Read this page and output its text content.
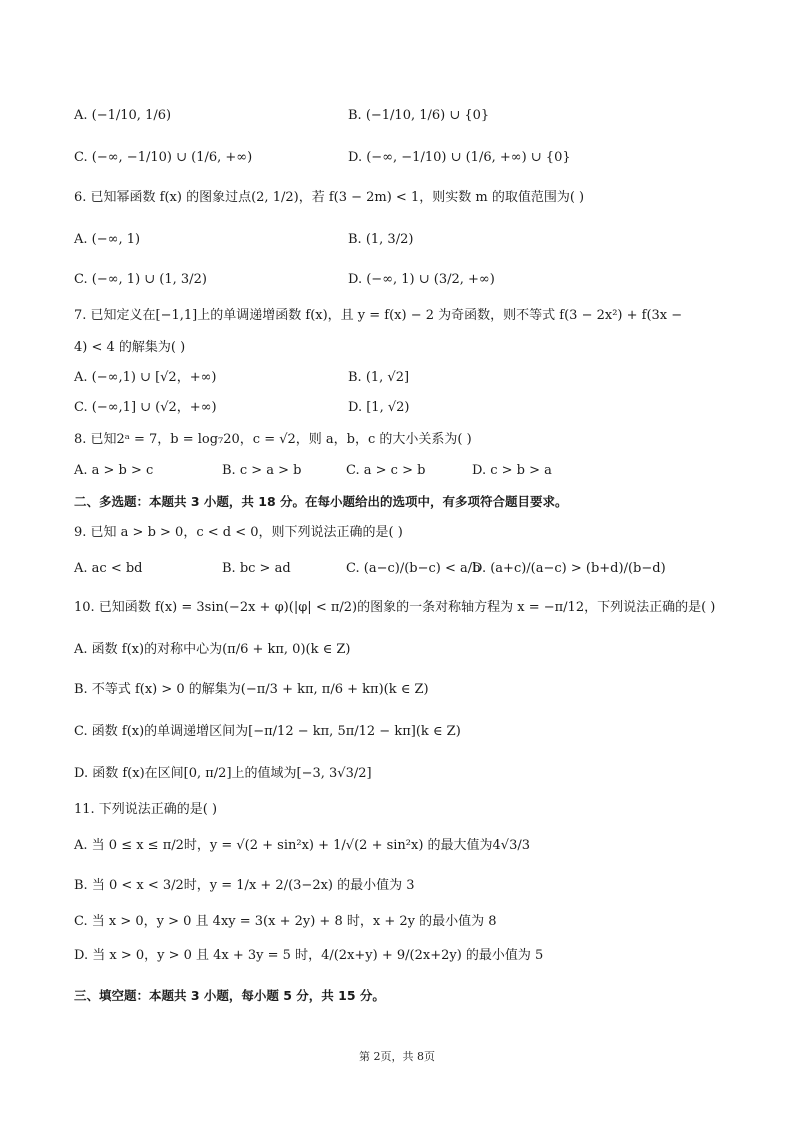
A. (−1/10, 1/6)	B. (−1/10, 1/6) ∪ {0}
C. (−∞, −1/10) ∪ (1/6, +∞)	D. (−∞, −1/10) ∪ (1/6, +∞) ∪ {0}
6. 已知幂函数 f(x) 的图象过点(2, 1/2)，若 f(3 − 2m) < 1，则实数 m 的取值范围为( )
A. (−∞, 1)	B. (1, 3/2)
C. (−∞, 1) ∪ (1, 3/2)	D. (−∞, 1) ∪ (3/2, +∞)
7. 已知定义在[−1,1]上的单调递增函数 f(x)，且 y = f(x) − 2 为奇函数，则不等式 f(3 − 2x²) + f(3x −
4) < 4 的解集为( )
A. (−∞,1) ∪ [√2，+∞)	B. (1, √2]
C. (−∞,1] ∪ (√2，+∞)	D. [1, √2)
8. 已知2ᵃ = 7，b = log₇20，c = √2，则 a，b，c 的大小关系为( )
A. a > b > c	B. c > a > b	C. a > c > b	D. c > b > a
二、多选题：本题共 3 小题，共 18 分。在每小题给出的选项中，有多项符合题目要求。
9. 已知 a > b > 0，c < d < 0，则下列说法正确的是( )
A. ac < bd	B. bc > ad	C. (a−c)/(b−c) < a/b
D. (a+c)/(a−c) > (b+d)/(b−d)
10. 已知函数 f(x) = 3sin(−2x + φ)(|φ| < π/2)的图象的一条对称轴方程为 x = −π/12，下列说法正确的是( )
A. 函数 f(x)的对称中心为(π/6 + kπ, 0)(k ∈ Z)
B. 不等式 f(x) > 0 的解集为(−π/3 + kπ, π/6 + kπ)(k ∈ Z)
C. 函数 f(x)的单调递增区间为[−π/12 − kπ, 5π/12 − kπ](k ∈ Z)
D. 函数 f(x)在区间[0, π/2]上的值域为[−3, 3√3/2]
11. 下列说法正确的是( )
A. 当 0 ≤ x ≤ π/2时，y = √(2 + sin²x) + 1/√(2 + sin²x) 的最大值为4√3/3
B. 当 0 < x < 3/2时，y = 1/x + 2/(3−2x) 的最小值为 3
C. 当 x > 0，y > 0 且 4xy = 3(x + 2y) + 8 时，x + 2y 的最小值为 8
D. 当 x > 0，y > 0 且 4x + 3y = 5 时，4/(2x+y) + 9/(2x+2y) 的最小值为 5
三、填空题：本题共 3 小题，每小题 5 分，共 15 分。
第 2页，共 8页
